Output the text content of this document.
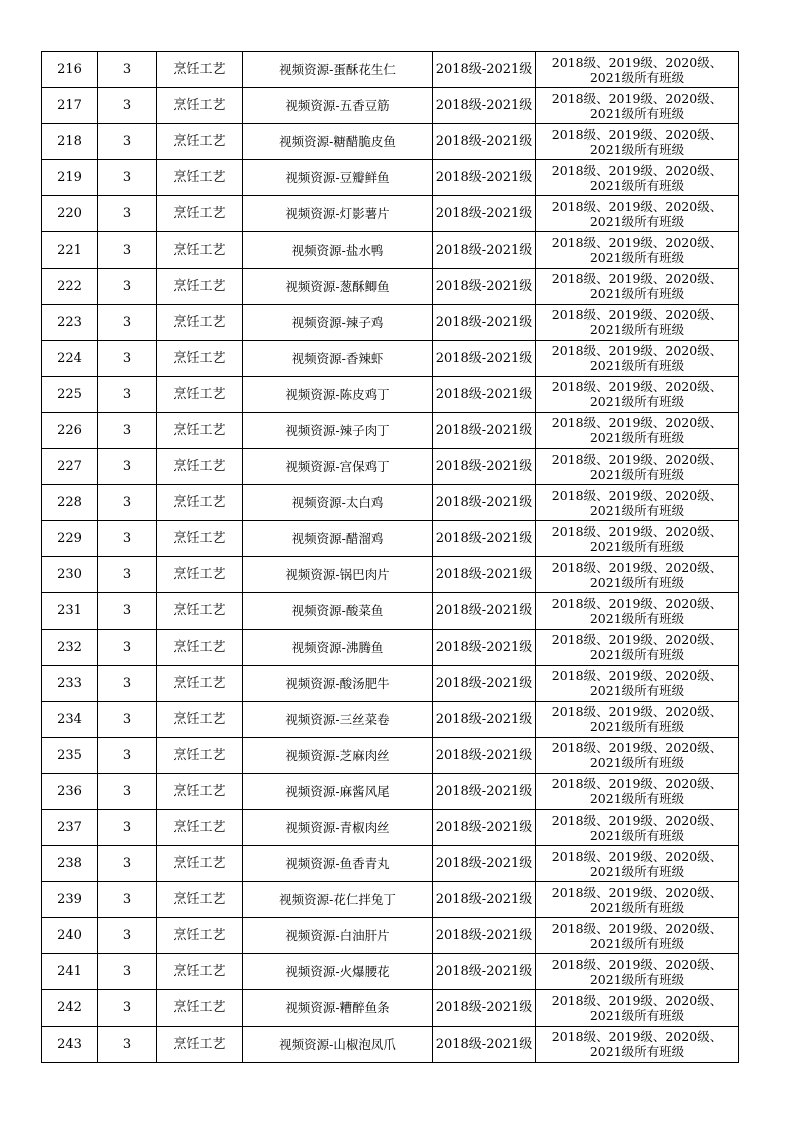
216	3	烹饪工艺	视频资源-蛋酥花生仁	2018级-2021级	2018级、2019级、2020级、
2021级所有班级

217	3	烹饪工艺	视频资源-五香豆筋	2018级-2021级	2018级、2019级、2020级、
2021级所有班级

218	3	烹饪工艺	视频资源-糖醋脆皮鱼	2018级-2021级	2018级、2019级、2020级、
2021级所有班级

219	3	烹饪工艺	视频资源-豆瓣鲜鱼	2018级-2021级	2018级、2019级、2020级、
2021级所有班级

220	3	烹饪工艺	视频资源-灯影薯片	2018级-2021级	2018级、2019级、2020级、
2021级所有班级

221	3	烹饪工艺	视频资源-盐水鸭	2018级-2021级	2018级、2019级、2020级、
2021级所有班级

222	3	烹饪工艺	视频资源-葱酥鲫鱼	2018级-2021级	2018级、2019级、2020级、
2021级所有班级

223	3	烹饪工艺	视频资源-辣子鸡	2018级-2021级	2018级、2019级、2020级、
2021级所有班级

224	3	烹饪工艺	视频资源-香辣虾	2018级-2021级	2018级、2019级、2020级、
2021级所有班级

225	3	烹饪工艺	视频资源-陈皮鸡丁	2018级-2021级	2018级、2019级、2020级、
2021级所有班级

226	3	烹饪工艺	视频资源-辣子肉丁	2018级-2021级	2018级、2019级、2020级、
2021级所有班级

227	3	烹饪工艺	视频资源-宫保鸡丁	2018级-2021级	2018级、2019级、2020级、
2021级所有班级

228	3	烹饪工艺	视频资源-太白鸡	2018级-2021级	2018级、2019级、2020级、
2021级所有班级

229	3	烹饪工艺	视频资源-醋溜鸡	2018级-2021级	2018级、2019级、2020级、
2021级所有班级

230	3	烹饪工艺	视频资源-锅巴肉片	2018级-2021级	2018级、2019级、2020级、
2021级所有班级

231	3	烹饪工艺	视频资源-酸菜鱼	2018级-2021级	2018级、2019级、2020级、
2021级所有班级

232	3	烹饪工艺	视频资源-沸腾鱼	2018级-2021级	2018级、2019级、2020级、
2021级所有班级

233	3	烹饪工艺	视频资源-酸汤肥牛	2018级-2021级	2018级、2019级、2020级、
2021级所有班级

234	3	烹饪工艺	视频资源-三丝菜卷	2018级-2021级	2018级、2019级、2020级、
2021级所有班级

235	3	烹饪工艺	视频资源-芝麻肉丝	2018级-2021级	2018级、2019级、2020级、
2021级所有班级

236	3	烹饪工艺	视频资源-麻酱风尾	2018级-2021级	2018级、2019级、2020级、
2021级所有班级

237	3	烹饪工艺	视频资源-青椒肉丝	2018级-2021级	2018级、2019级、2020级、
2021级所有班级

238	3	烹饪工艺	视频资源-鱼香青丸	2018级-2021级	2018级、2019级、2020级、
2021级所有班级

239	3	烹饪工艺	视频资源-花仁拌兔丁	2018级-2021级	2018级、2019级、2020级、
2021级所有班级

240	3	烹饪工艺	视频资源-白油肝片	2018级-2021级	2018级、2019级、2020级、
2021级所有班级

241	3	烹饪工艺	视频资源-火爆腰花	2018级-2021级	2018级、2019级、2020级、
2021级所有班级

242	3	烹饪工艺	视频资源-糟醉鱼条	2018级-2021级	2018级、2019级、2020级、
2021级所有班级

243	3	烹饪工艺	视频资源-山椒泡凤爪	2018级-2021级	2018级、2019级、2020级、
2021级所有班级
